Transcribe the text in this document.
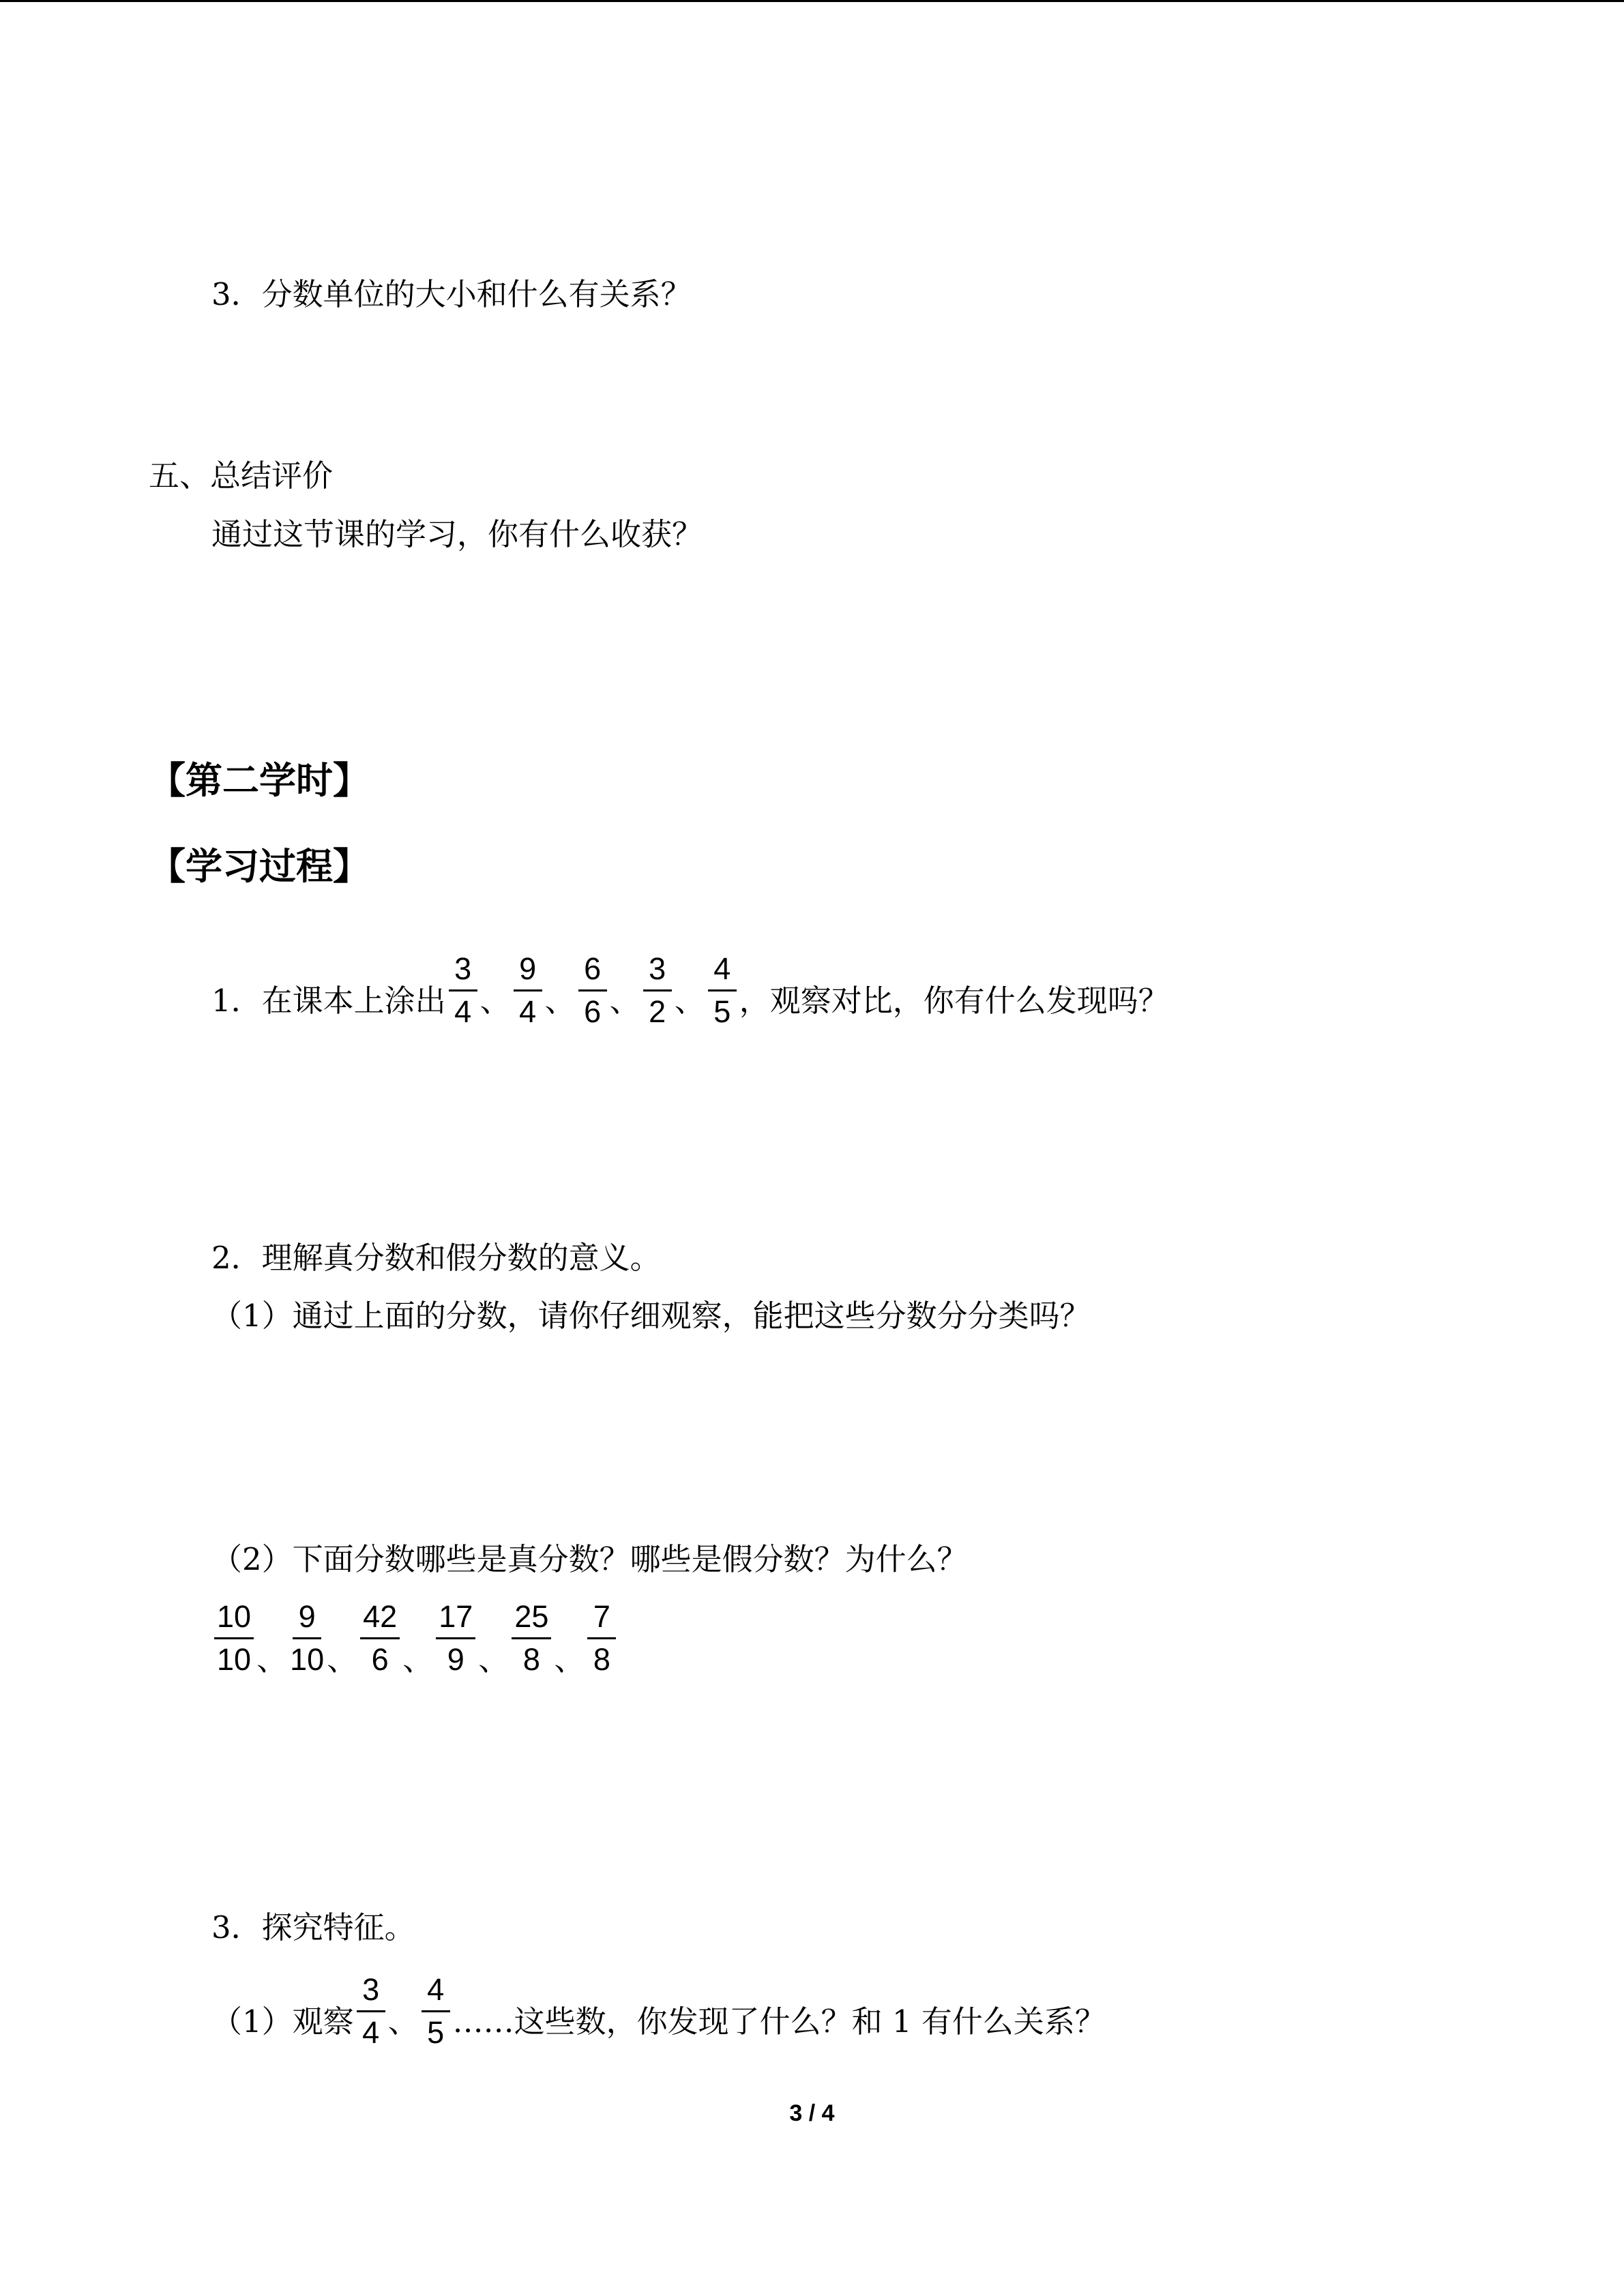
3．分数单位的大小和什么有关系？
五、总结评价
通过这节课的学习，你有什么收获？
【第二学时】
【学习过程】
1．在课本上涂出 $\frac{3}{4}$ 、 $\frac{9}{4}$ 、 $\frac{6}{6}$ 、 $\frac{3}{2}$ 、 $\frac{4}{5}$ ，观察对比，你有什么发现吗？
2．理解真分数和假分数的意义。
（1）通过上面的分数，请你仔细观察，能把这些分数分分类吗？
（2）下面分数哪些是真分数？哪些是假分数？为什么？
$\frac{10}{10}$ 、 $\frac{9}{10}$ 、 $\frac{42}{6}$ 、 $\frac{17}{9}$ 、 $\frac{25}{8}$ 、 $\frac{7}{8}$
3．探究特征。
（1）观察 $\frac{3}{4}$ 、 $\frac{4}{5}$ …… 这些数，你发现了什么？和 1 有什么关系？
3 / 4
